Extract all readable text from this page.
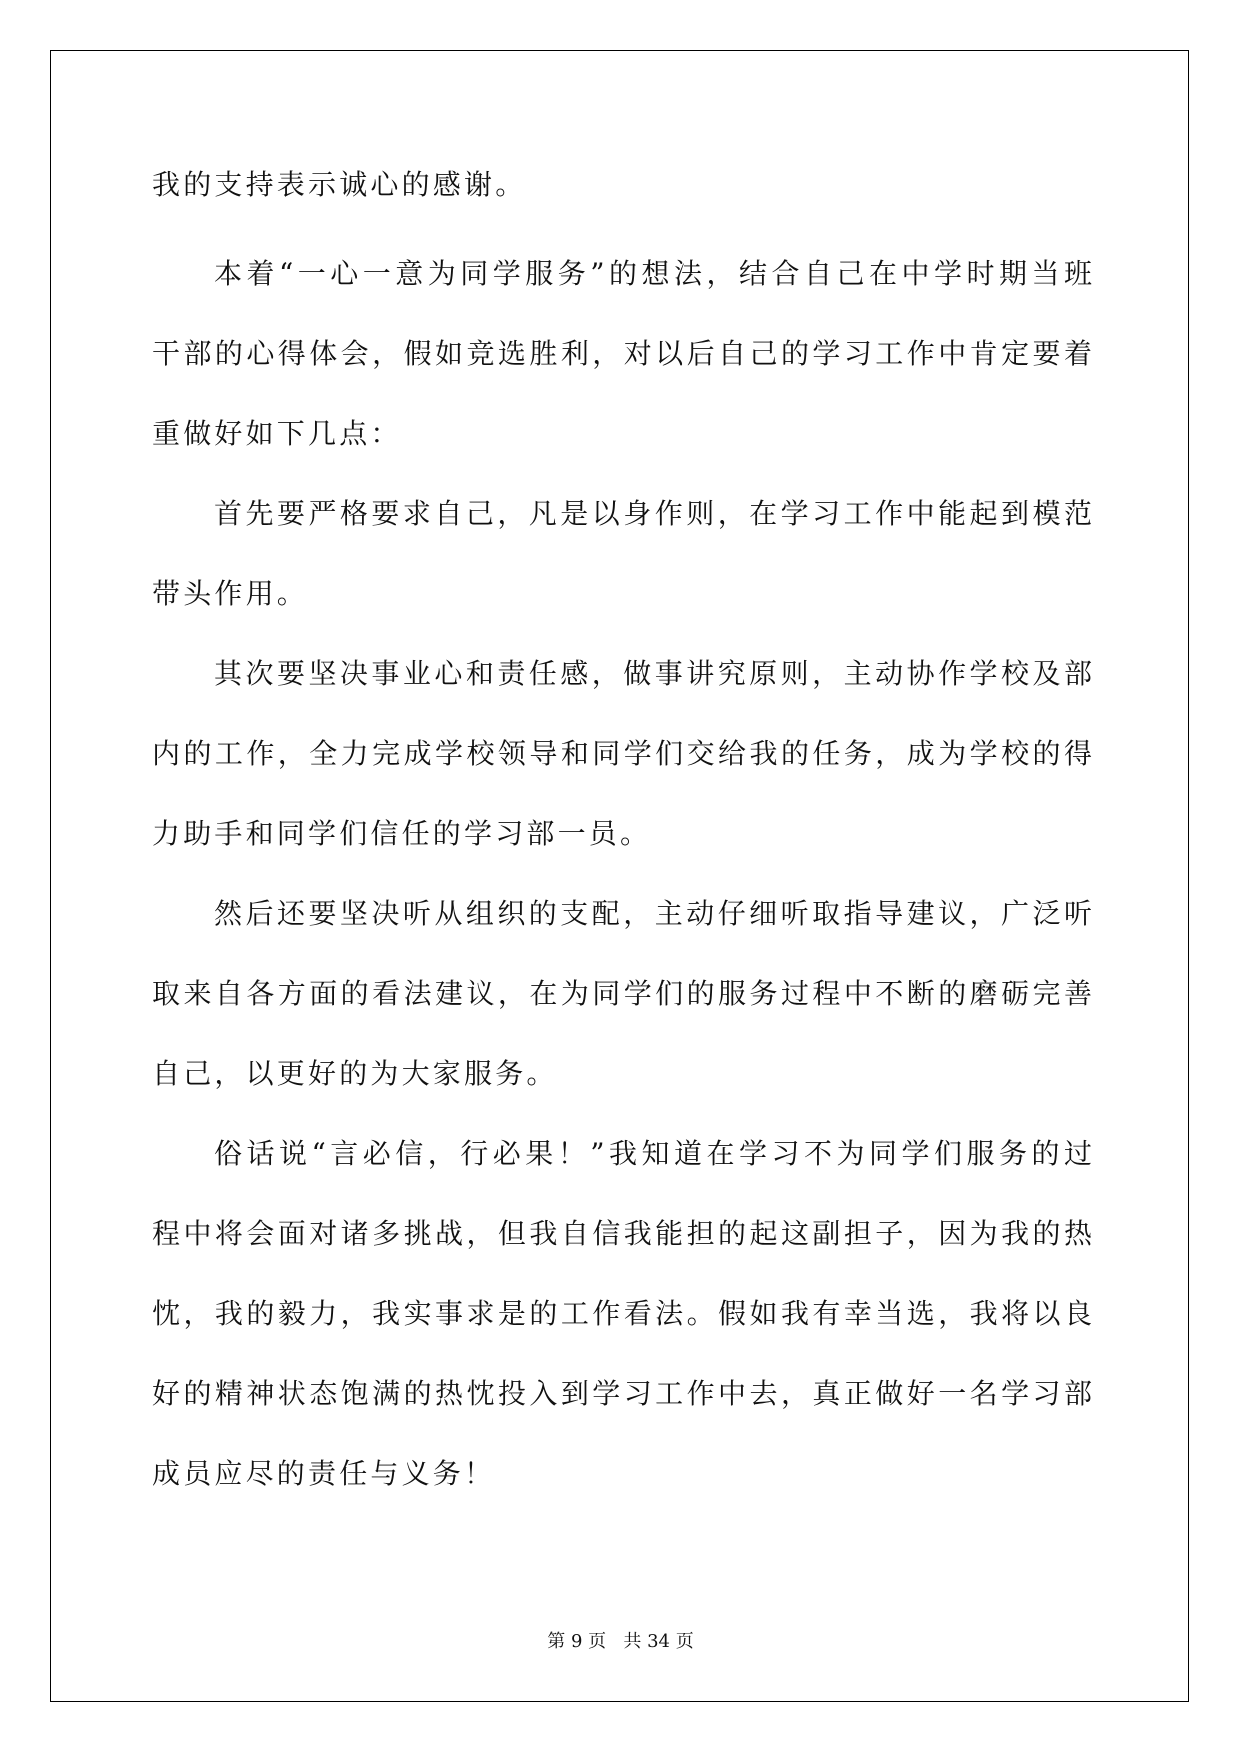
我的支持表示诚心的感谢。
本着“一心一意为同学服务”的想法，结合自己在中学时期当班
干部的心得体会，假如竞选胜利，对以后自己的学习工作中肯定要着
重做好如下几点：
首先要严格要求自己，凡是以身作则，在学习工作中能起到模范
带头作用。
其次要坚决事业心和责任感，做事讲究原则，主动协作学校及部
内的工作，全力完成学校领导和同学们交给我的任务，成为学校的得
力助手和同学们信任的学习部一员。
然后还要坚决听从组织的支配，主动仔细听取指导建议，广泛听
取来自各方面的看法建议，在为同学们的服务过程中不断的磨砺完善
自己，以更好的为大家服务。
俗话说“言必信，行必果！”我知道在学习不为同学们服务的过
程中将会面对诸多挑战，但我自信我能担的起这副担子，因为我的热
忱，我的毅力，我实事求是的工作看法。假如我有幸当选，我将以良
好的精神状态饱满的热忱投入到学习工作中去，真正做好一名学习部
成员应尽的责任与义务！
第 9 页   共 34 页
